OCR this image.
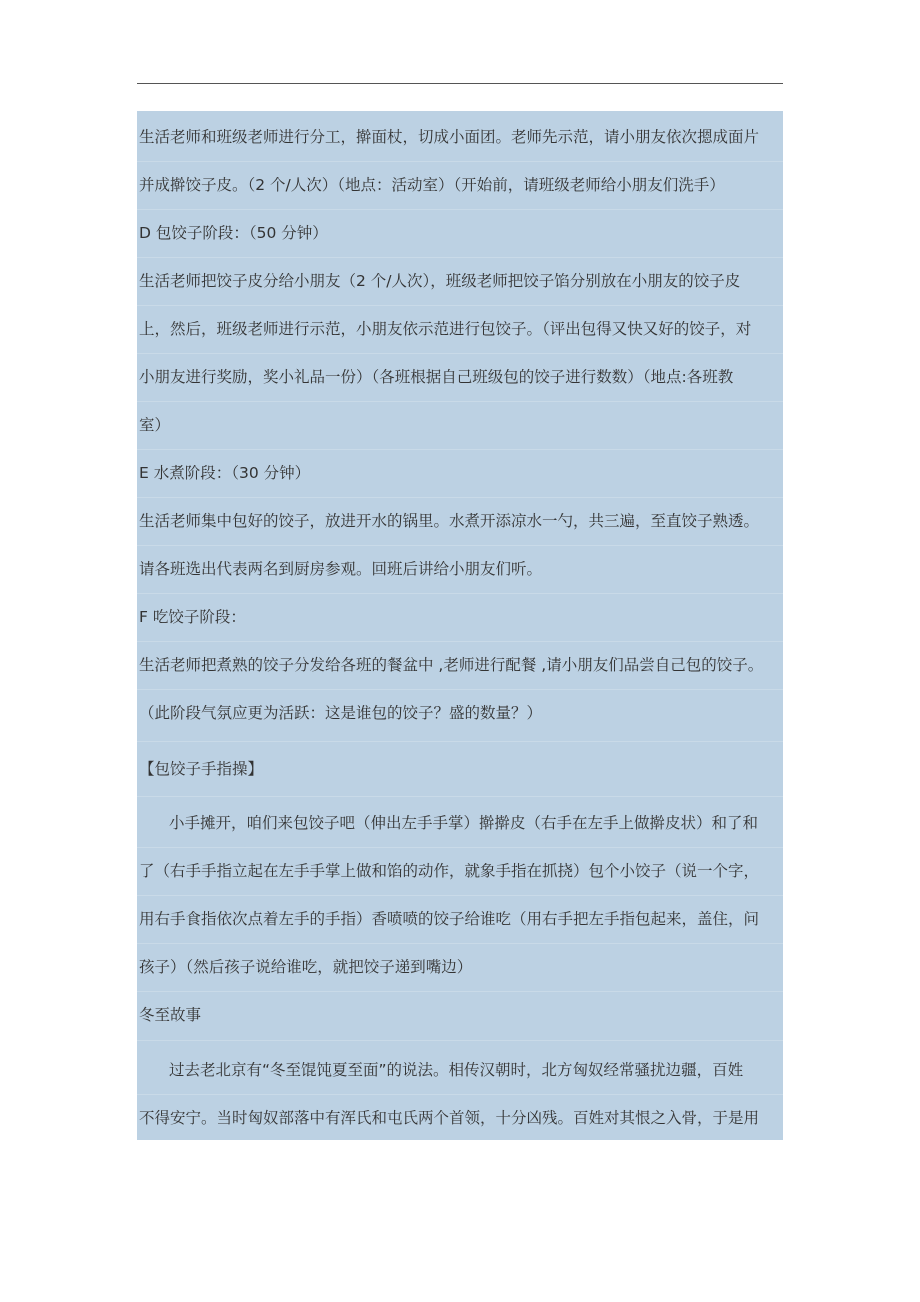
生活老师和班级老师进行分工，擀面杖，切成小面团。老师先示范，请小朋友依次摁成面片
并成擀饺子皮。（2 个/人次）（地点：活动室）（开始前，请班级老师给小朋友们洗手）
D 包饺子阶段：（50 分钟）
生活老师把饺子皮分给小朋友（2 个/人次），班级老师把饺子馅分别放在小朋友的饺子皮
上，然后，班级老师进行示范，小朋友依示范进行包饺子。（评出包得又快又好的饺子，对
小朋友进行奖励，奖小礼品一份）（各班根据自己班级包的饺子进行数数）（地点:各班教
室）
E 水煮阶段：（30 分钟）
生活老师集中包好的饺子，放进开水的锅里。水煮开添凉水一勺，共三遍，至直饺子熟透。
请各班选出代表两名到厨房参观。回班后讲给小朋友们听。
F 吃饺子阶段：
生活老师把煮熟的饺子分发给各班的餐盆中 ,老师进行配餐 ,请小朋友们品尝自己包的饺子。
（此阶段气氛应更为活跃：这是谁包的饺子？盛的数量？）
【包饺子手指操】
小手摊开，咱们来包饺子吧（伸出左手手掌）擀擀皮（右手在左手上做擀皮状）和了和
了（右手手指立起在左手手掌上做和馅的动作，就象手指在抓挠）包个小饺子（说一个字，
用右手食指依次点着左手的手指）香喷喷的饺子给谁吃（用右手把左手指包起来，盖住，问
孩子）（然后孩子说给谁吃，就把饺子递到嘴边）
冬至故事
过去老北京有“冬至馄饨夏至面”的说法。相传汉朝时，北方匈奴经常骚扰边疆，百姓
不得安宁。当时匈奴部落中有浑氏和屯氏两个首领，十分凶残。百姓对其恨之入骨，于是用
